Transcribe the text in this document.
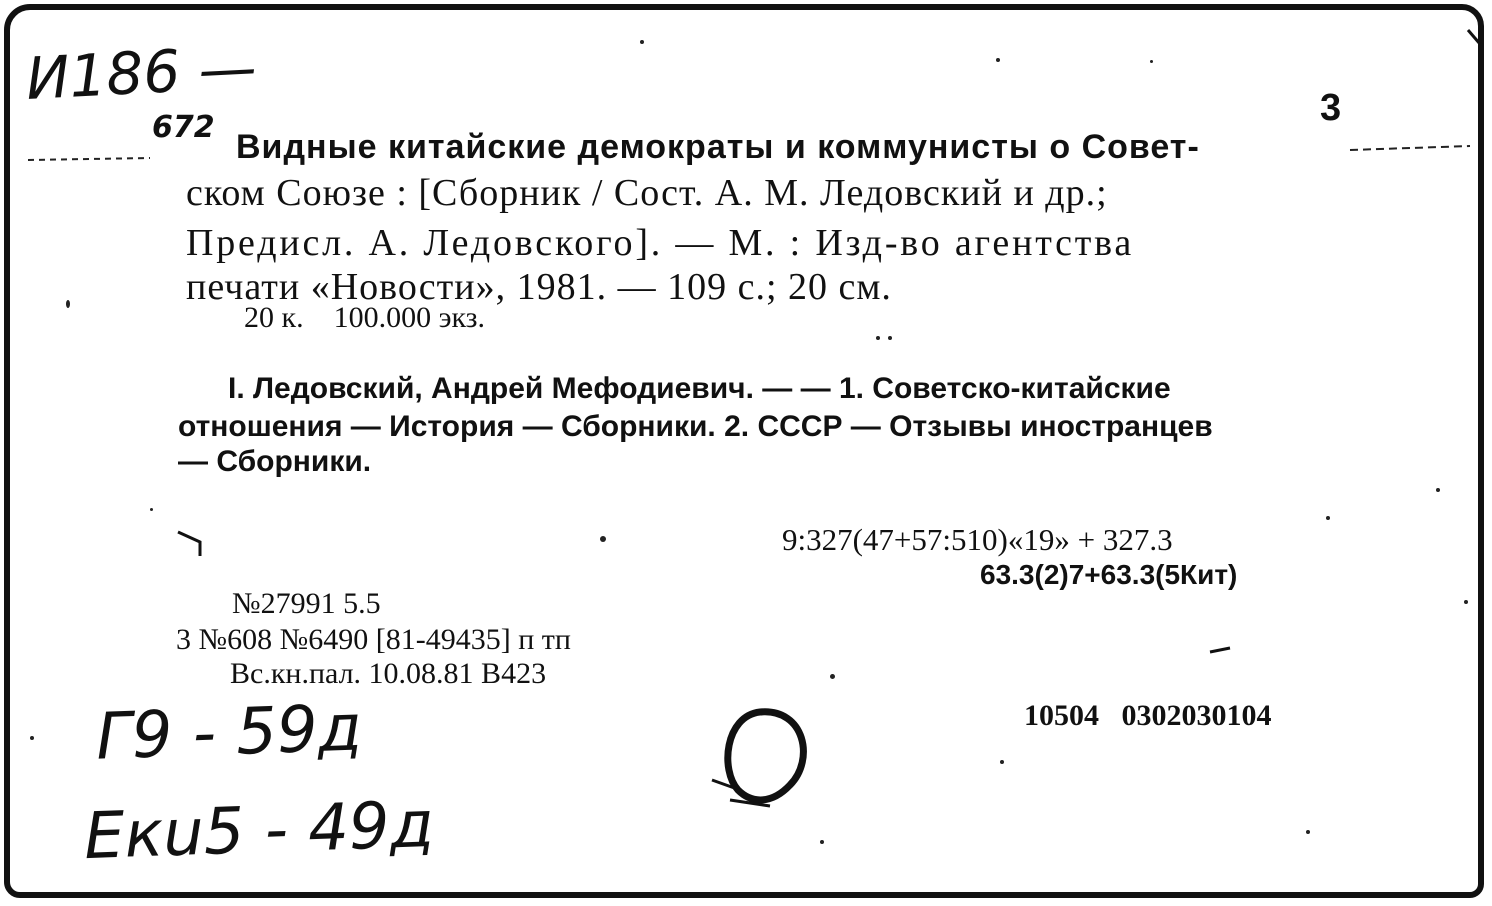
И186 —
672
Г9 - 59д
Екu5 - 49д
3
Видные китайские демократы и коммунисты о Совет-
ском Союзе : [Сборник / Сост. А. М. Ледовский и др.;
Предисл. А. Ледовского]. — М. : Изд-во агентства
печати «Новости», 1981. — 109 с.; 20 см.
20 к.    100.000 экз.
I. Ледовский, Андрей Мефодиевич. — — 1. Советско-китайские
отношения — История — Сборники. 2. СССР — Отзывы иностранцев
— Сборники.
9:327(47+57:510)«19» + 327.3
63.3(2)7+63.3(5Кит)
№27991 5.5
3 №608 №6490 [81-49435] п тп
Вс.кн.пал. 10.08.81 В423
10504   0302030104
